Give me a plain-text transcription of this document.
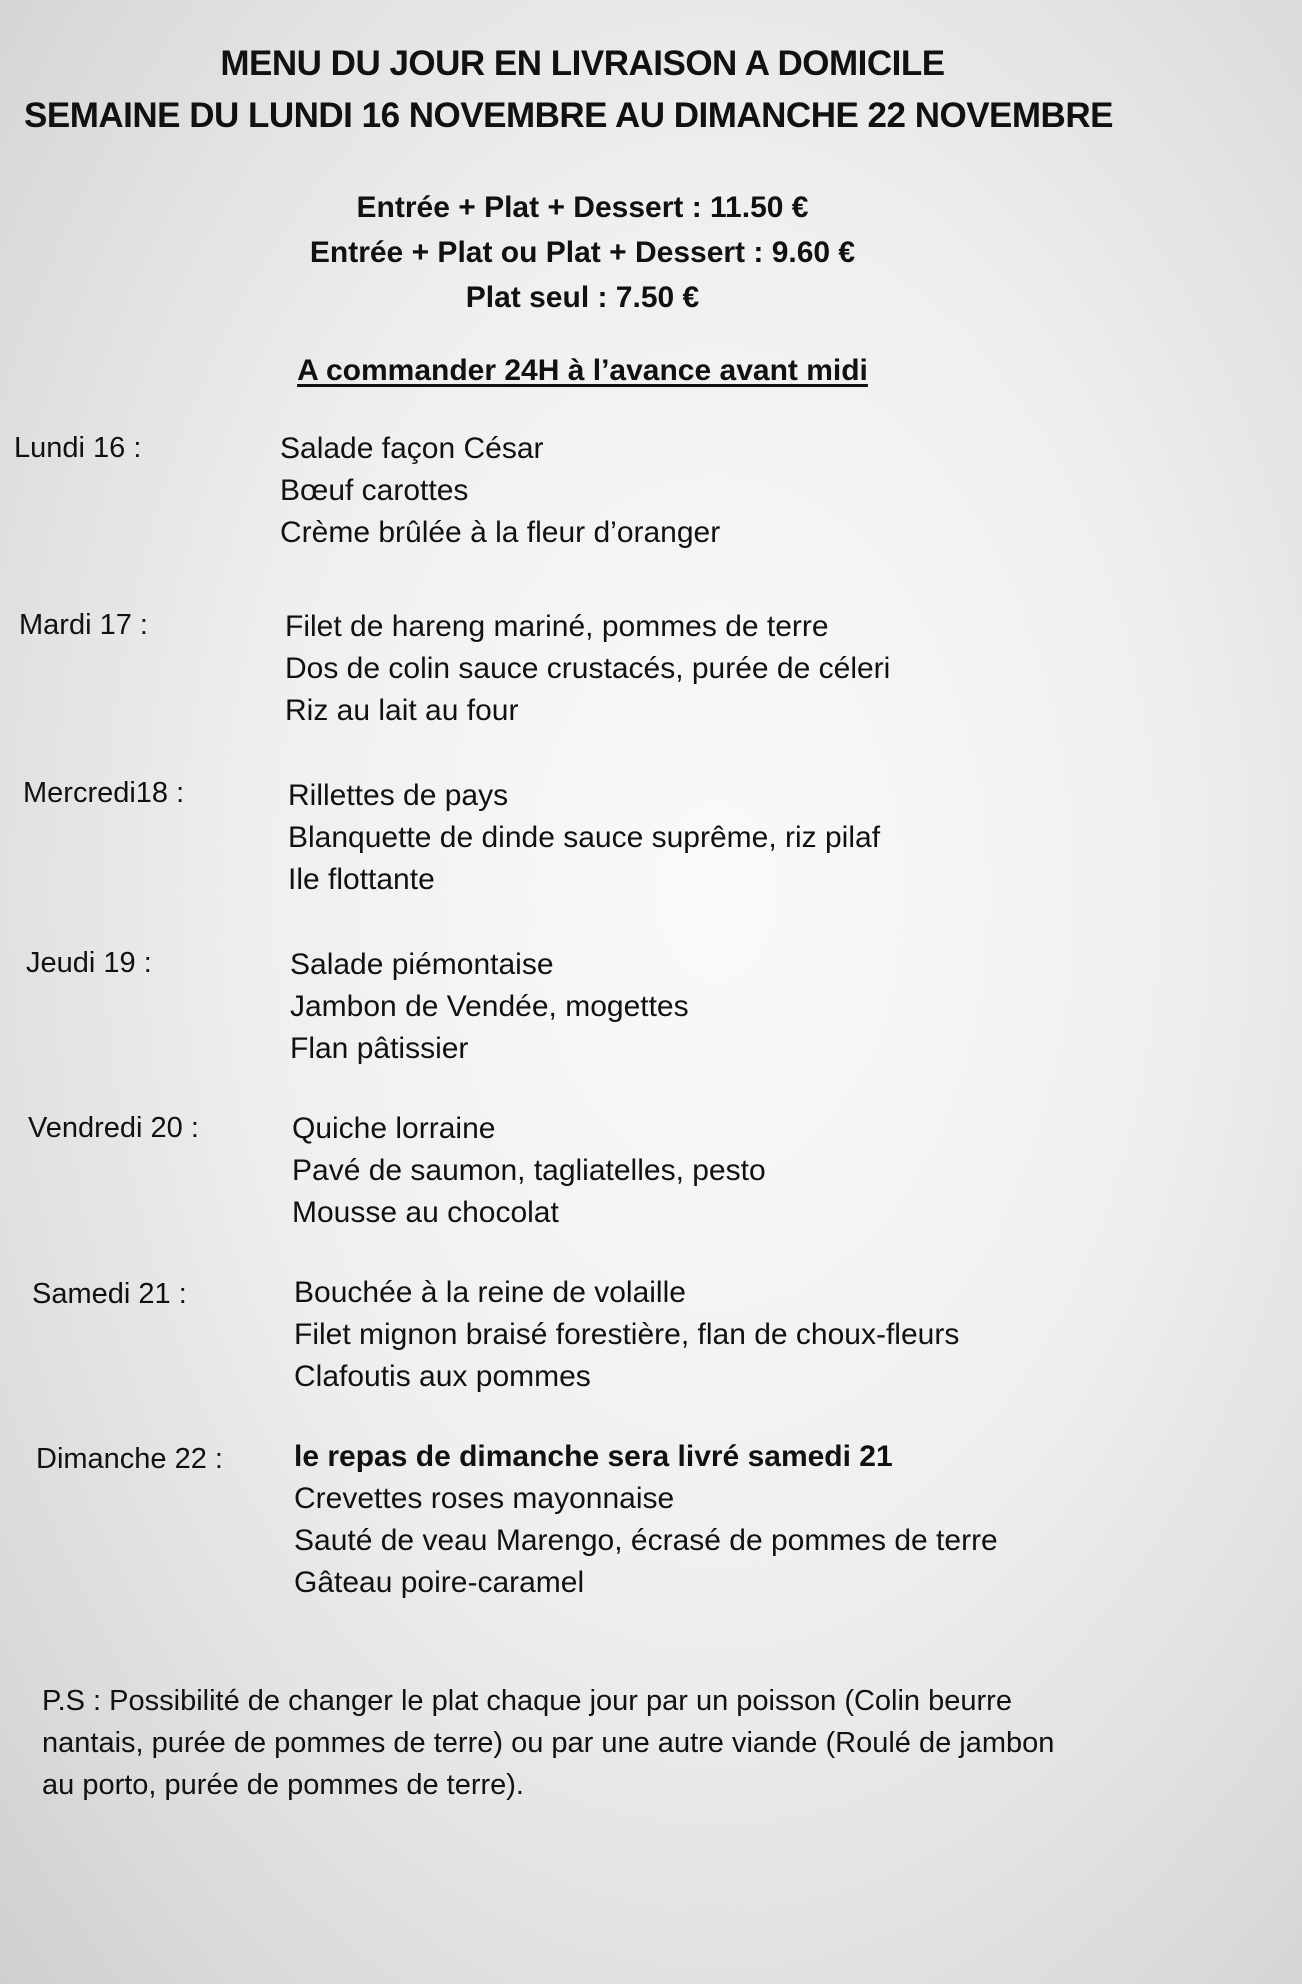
MENU DU JOUR EN LIVRAISON A DOMICILE
SEMAINE DU LUNDI 16 NOVEMBRE AU DIMANCHE 22 NOVEMBRE
Entrée + Plat + Dessert : 11.50 €
Entrée + Plat ou Plat + Dessert : 9.60 €
Plat seul : 7.50 €
A commander 24H à l’avance avant midi
Lundi 16 :	Salade façon César
Bœuf carottes
Crème brûlée à la fleur d’oranger
Mardi 17 :	Filet de hareng mariné, pommes de terre
Dos de colin sauce crustacés, purée de céleri
Riz au lait au four
Mercredi18 :	Rillettes de pays
Blanquette de dinde sauce suprême, riz pilaf
Ile flottante
Jeudi 19 :	Salade piémontaise
Jambon de Vendée, mogettes
Flan pâtissier
Vendredi 20 :	Quiche lorraine
Pavé de saumon, tagliatelles, pesto
Mousse au chocolat
Samedi 21 :	Bouchée à la reine de volaille
Filet mignon braisé forestière, flan de choux-fleurs
Clafoutis aux pommes
Dimanche 22 : le repas de dimanche sera livré samedi 21
Crevettes roses mayonnaise
Sauté de veau Marengo, écrasé de pommes de terre
Gâteau poire-caramel
P.S : Possibilité de changer le plat chaque jour par un poisson (Colin beurre
nantais, purée de pommes de terre) ou par une autre viande (Roulé de jambon
au porto, purée de pommes de terre).
